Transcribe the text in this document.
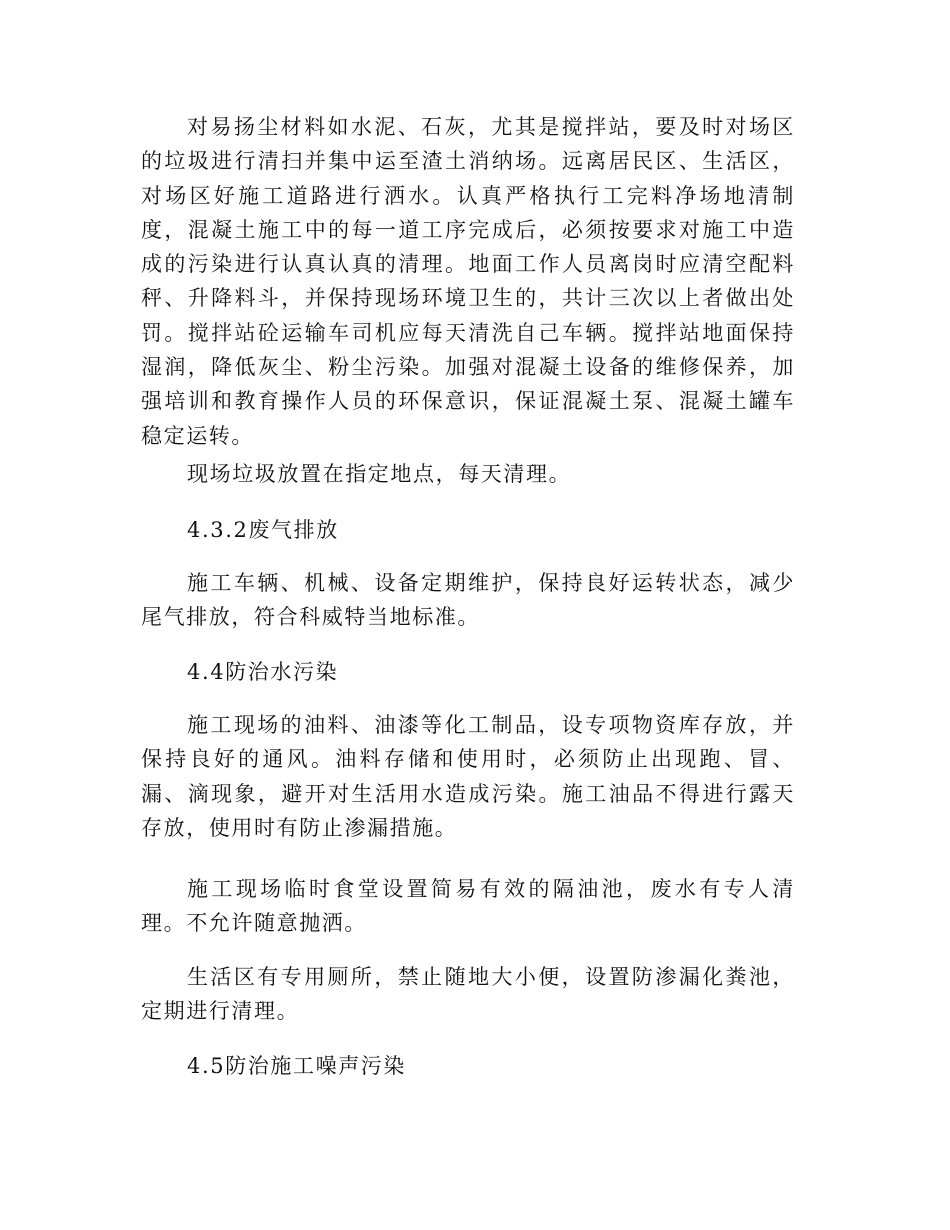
对易扬尘材料如水泥、石灰，尤其是搅拌站，要及时对场区的垃圾进行清扫并集中运至渣土消纳场。远离居民区、生活区，对场区好施工道路进行洒水。认真严格执行工完料净场地清制度，混凝土施工中的每一道工序完成后，必须按要求对施工中造成的污染进行认真认真的清理。地面工作人员离岗时应清空配料秤、升降料斗，并保持现场环境卫生的，共计三次以上者做出处罚。搅拌站砼运输车司机应每天清洗自己车辆。搅拌站地面保持湿润，降低灰尘、粉尘污染。加强对混凝土设备的维修保养，加强培训和教育操作人员的环保意识，保证混凝土泵、混凝土罐车稳定运转。

现场垃圾放置在指定地点，每天清理。

4.3.2废气排放

施工车辆、机械、设备定期维护，保持良好运转状态，减少尾气排放，符合科威特当地标准。

4.4防治水污染

施工现场的油料、油漆等化工制品，设专项物资库存放，并保持良好的通风。油料存储和使用时，必须防止出现跑、冒、漏、滴现象，避开对生活用水造成污染。施工油品不得进行露天存放，使用时有防止渗漏措施。

施工现场临时食堂设置简易有效的隔油池，废水有专人清理。不允许随意抛洒。

生活区有专用厕所，禁止随地大小便，设置防渗漏化粪池，定期进行清理。

4.5防治施工噪声污染
